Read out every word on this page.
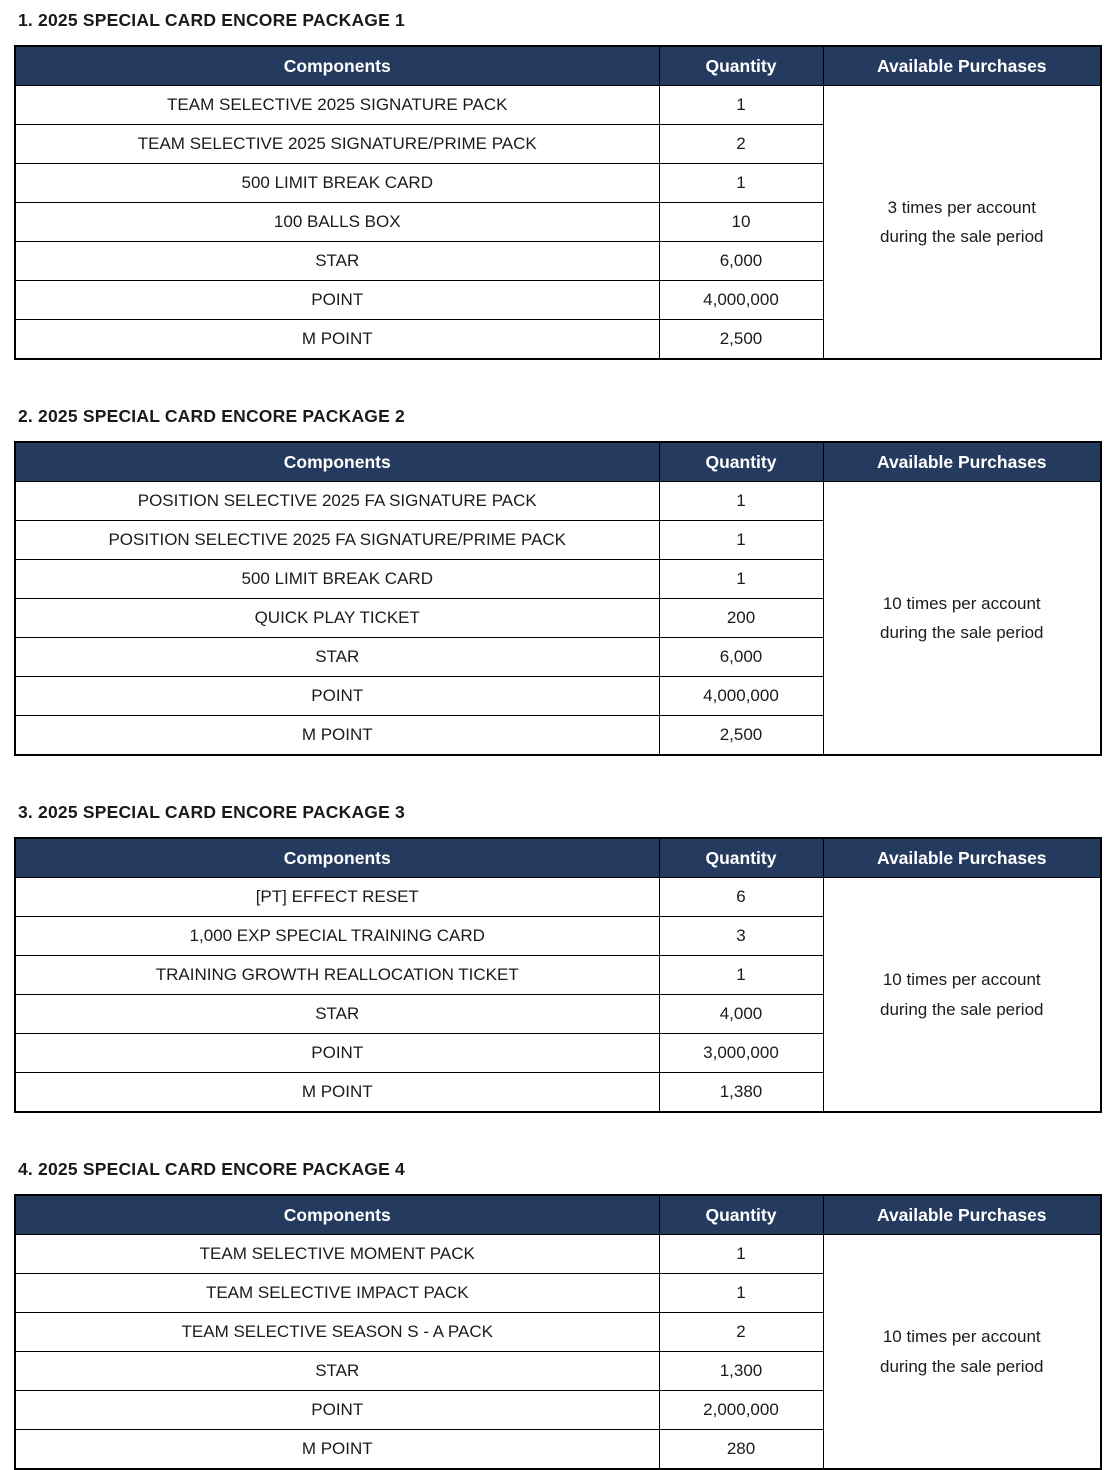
1. 2025 SPECIAL CARD ENCORE PACKAGE 1
Components	Quantity	Available Purchases
TEAM SELECTIVE 2025 SIGNATURE PACK	1	3 times per account
during the sale period

TEAM SELECTIVE 2025 SIGNATURE/PRIME PACK	2	
500 LIMIT BREAK CARD	1	
100 BALLS BOX	10	
STAR	6,000	
POINT	4,000,000	
M POINT	2,500	
2. 2025 SPECIAL CARD ENCORE PACKAGE 2
Components	Quantity	Available Purchases
POSITION SELECTIVE 2025 FA SIGNATURE PACK	1	10 times per account
during the sale period

POSITION SELECTIVE 2025 FA SIGNATURE/PRIME PACK	1	
500 LIMIT BREAK CARD	1	
QUICK PLAY TICKET	200	
STAR	6,000	
POINT	4,000,000	
M POINT	2,500	
3. 2025 SPECIAL CARD ENCORE PACKAGE 3
Components	Quantity	Available Purchases
[PT] EFFECT RESET	6	10 times per account
during the sale period

1,000 EXP SPECIAL TRAINING CARD	3	
TRAINING GROWTH REALLOCATION TICKET	1	
STAR	4,000	
POINT	3,000,000	
M POINT	1,380	
4. 2025 SPECIAL CARD ENCORE PACKAGE 4
Components	Quantity	Available Purchases
TEAM SELECTIVE MOMENT PACK	1	10 times per account
during the sale period

TEAM SELECTIVE IMPACT PACK	1	
TEAM SELECTIVE SEASON S - A PACK	2	
STAR	1,300	
POINT	2,000,000	
M POINT	280	
